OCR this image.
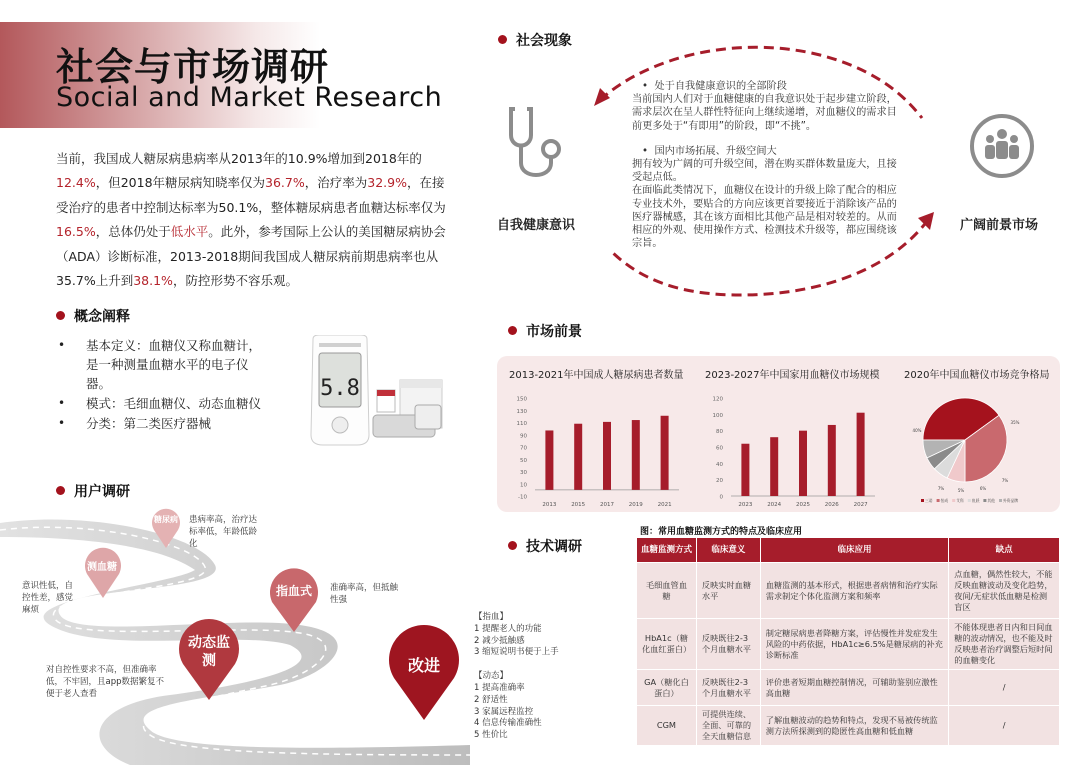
社会与市场调研
Social and Market Research

当前，我国成人糖尿病患病率从2013年的10.9%增加到2018年的12.4%，但2018年糖尿病知晓率仅为36.7%，治疗率为32.9%，在接受治疗的患者中控制达标率为50.1%，整体糖尿病患者血糖达标率仅为16.5%，总体仍处于低水平。此外，参考国际上公认的美国糖尿病协会（ADA）诊断标准，2013-2018期间我国成人糖尿病前期患病率也从35.7%上升到38.1%，防控形势不容乐观。

概念阐释
• 基本定义：血糖仪又称血糖计，是一种测量血糖水平的电子仪器。
• 模式：毛细血糖仪、动态血糖仪
• 分类：第二类医疗器械
5.8
用户调研
糖尿病
测血糖
指血式
动态监测	改进
患病率高，治疗达标率低，年龄低龄化
意识性低，自控性差，感觉麻烦
准确率高，但抵触性强
对自控性要求不高，但准确率低，不牢固，且app数据繁复不便于老人查看
【指血】
1 提醒老人的功能
2 减少抵触感
3 缩短说明书便于上手
【动态】
1 提高准确率
2 舒适性
3 家属远程监控
4 信息传输准确性
5 性价比
社会现象
自我健康意识	广阔前景市场
•  处于自我健康意识的全部阶段
当前国内人们对于血糖健康的自我意识处于起步建立阶段，需求层次在呈人群性特征向上继续递增，对血糖仪的需求目前更多处于“有即用”的阶段，即“不挑”。
•  国内市场拓展、升级空间大
拥有较为广阔的可升级空间，潜在购买群体数量庞大，且接受起点低。
在面临此类情况下，血糖仪在设计的升级上除了配合的相应专业技术外，要贴合的方向应该更首要接近于消除该产品的医疗器械感，其在该方面相比其他产品是相对较差的。从而相应的外观、使用操作方式、检测技术升级等，都应围绕该宗旨。
市场前景
2013-2021年中国成人糖尿病患者数量 2023-2027年中国家用血糖仪市场规模 2020年中国血糖仪市场竞争格局
150
130
110
90
70
50
30
10
-10
2013	2015	2017	2019	2021
120
100
80
60
40
20
0
2023	2024	2025	2026	2027
40%
35%
7%
6%
5%
7%
三诺 怡成 艾科 鱼跃 其他 外资品牌
技术调研
图：常用血糖监测方式的特点及临床应用
血糖监测方式	临床意义	临床应用	缺点
毛细血管血糖	反映实时血糖水平	血糖监测的基本形式，根据患者病情和治疗实际需求制定个体化监测方案和频率	点血糖，偶然性较大，不能反映血糖波动及变化趋势，夜间/无症状低血糖是检测盲区
HbA1c（糖化血红蛋白）	反映既往2-3个月血糖水平	制定糖尿病患者降糖方案，评估慢性并发症发生风险的中药依据，HbA1c≥6.5%是糖尿病的补充诊断标准	不能体现患者日内和日间血糖的波动情况，也不能及时反映患者治疗调整后短时间的血糖变化
GA（糖化白蛋白）	反映既往2-3个月血糖水平	评价患者短期血糖控制情况，可辅助鉴别应激性高血糖	/
CGM	可提供连续、全面、可靠的全天血糖信息	了解血糖波动的趋势和特点，发现不易被传统监测方法所探测到的隐匿性高血糖和低血糖	/
